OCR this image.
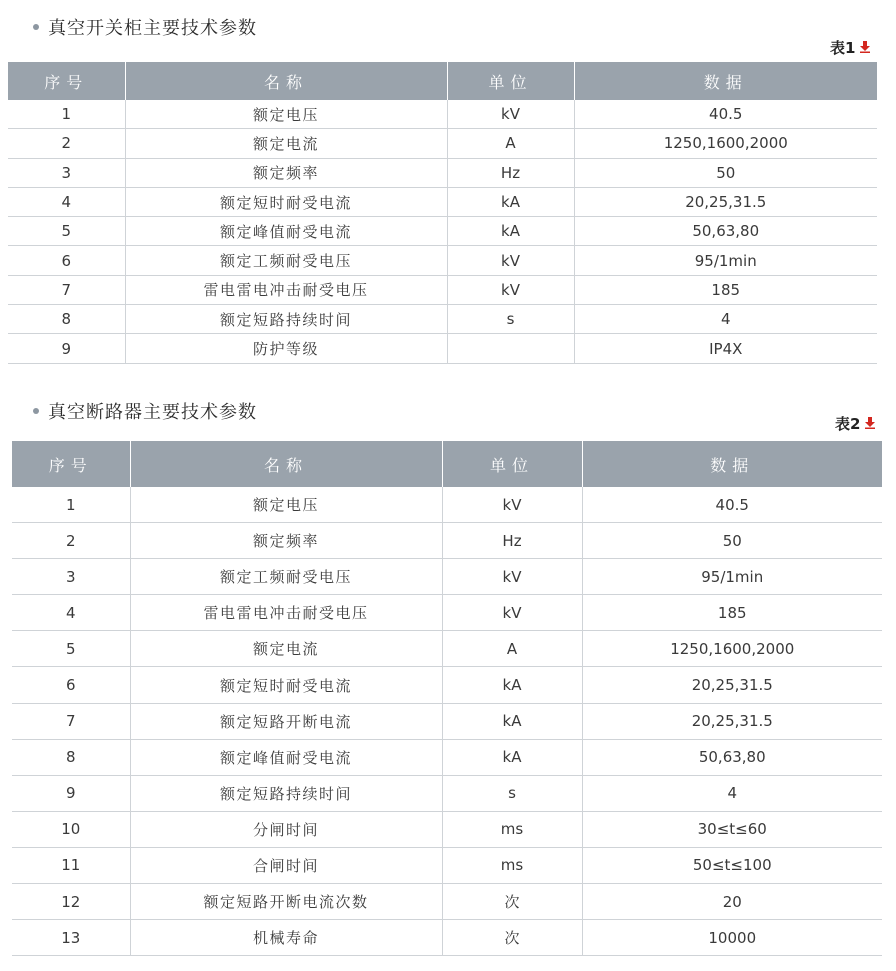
真空开关柜主要技术参数
表1
序号	名称	单位	数据
1	额定电压	kV	40.5
2	额定电流	A	1250,1600,2000
3	额定频率	Hz	50
4	额定短时耐受电流	kA	20,25,31.5
5	额定峰值耐受电流	kA	50,63,80
6	额定工频耐受电压	kV	95/1min
7	雷电雷电冲击耐受电压	kV	185
8	额定短路持续时间	s	4
9	防护等级		IP4X
真空断路器主要技术参数
表2
序号	名称	单位	数据
1	额定电压	kV	40.5
2	额定频率	Hz	50
3	额定工频耐受电压	kV	95/1min
4	雷电雷电冲击耐受电压	kV	185
5	额定电流	A	1250,1600,2000
6	额定短时耐受电流	kA	20,25,31.5
7	额定短路开断电流	kA	20,25,31.5
8	额定峰值耐受电流	kA	50,63,80
9	额定短路持续时间	s	4
10	分闸时间	ms	30≤t≤60
11	合闸时间	ms	50≤t≤100
12	额定短路开断电流次数	次	20
13	机械寿命	次	10000
